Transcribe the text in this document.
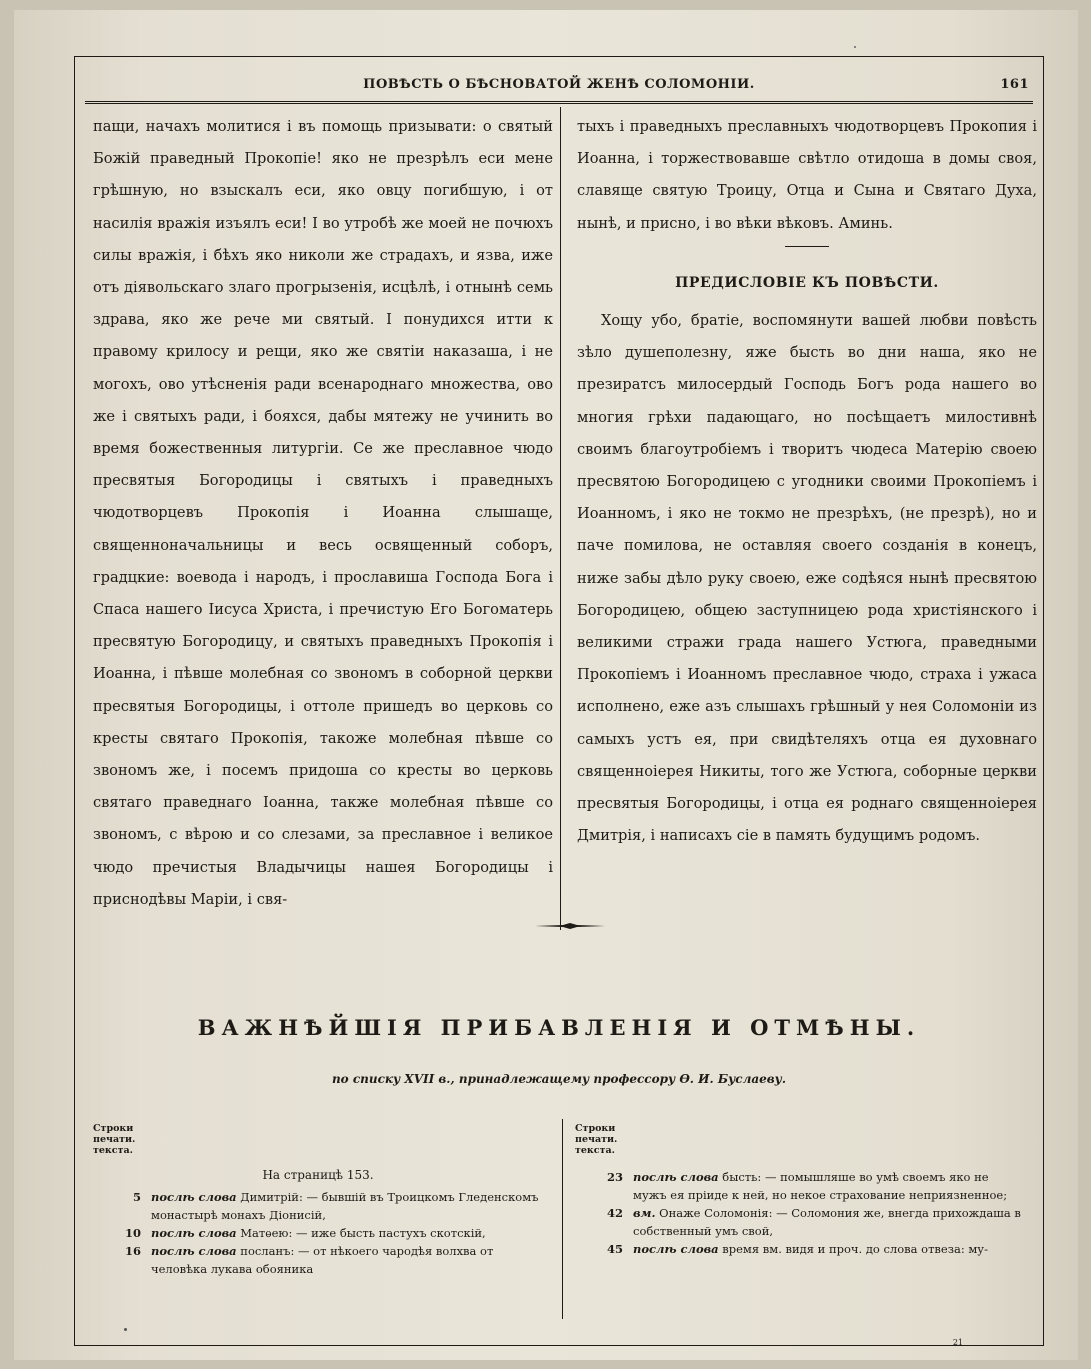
ПОВѢСТЬ О БѢСНОВАТОЙ ЖЕНѢ СОЛОМОНІИ.	161

пащи, начахъ молитися і въ помощь призывати: о святый Божій праведный Прокопіе! яко не презрѣлъ еси мене грѣшную, но взыскалъ еси, яко овцу погибшую, і от насилія вражія изъялъ еси! І во утробѣ же моей не почюхъ силы вражія, і бѣхъ яко николи же страдахъ, и язва, иже отъ діявольскаго злаго прогрызенія, исцѣлѣ, і отнынѣ семь здрава, яко же рече ми святый. І понудихся итти к правому крилосу и рещи, яко же святіи наказаша, і не могохъ, ово утѣсненія ради всенароднаго множества, ово же і святыхъ ради, і бояхся, дабы мятежу не учинить во время божественныя литургіи. Се же преславное чюдо пресвятыя Богородицы і святыхъ і праведныхъ чюдотворцевъ Прокопія і Иоанна слышаще, священноначальницы и весь освященный соборъ, градцкие: воевода і народъ, і прославиша Господа Бога і Спаса нашего Іисуса Христа, і пречистую Его Богоматерь пресвятую Богородицу, и святыхъ праведныхъ Прокопія і Иоанна, і пѣвше молебная со звономъ в соборной церкви пресвятыя Богородицы, і оттоле пришедъ во церковь со кресты святаго Прокопія, такоже молебная пѣвше со звономъ же, і посемъ придоша со кресты во церковь святаго праведнаго Іоанна, также молебная пѣвше со звономъ, с вѣрою и со слезами, за преславное і великое чюдо пречистыя Владычицы нашея Богородицы і приснодѣвы Маріи, і свя-

тыхъ і праведныхъ преславныхъ чюдотворцевъ Прокопия і Иоанна, і торжествовавше свѣтло отидоша в домы своя, славяще святую Троицу, Отца и Сына и Святаго Духа, нынѣ, и присно, і во вѣки вѣковъ. Аминь.

ПРЕДИСЛОВІЕ КЪ ПОВѢСТИ.

Хощу убо, братіе, воспомянути вашей любви повѣсть зѣло душеполезну, яже бысть во дни наша, яко не презиратсъ милосердый Господь Богъ рода нашего во многия грѣхи падающаго, но посѣщаетъ милостивнѣ своимъ благоутробіемъ і творитъ чюдеса Матерію своею пресвятою Богородицею с угодники своими Прокопіемъ і Иоанномъ, і яко не токмо не презрѣхъ, (не презрѣ), но и паче помилова, не оставляя своего созданія в конецъ, ниже забы дѣло руку своею, еже содѣяся нынѣ пресвятою Богородицею, общею заступницею рода христіянского і великими стражи града нашего Устюга, праведными Прокопіемъ і Иоанномъ преславное чюдо, страха і ужаса исполнено, еже азъ слышахъ грѣшный у нея Соломоніи из самыхъ устъ ея, при свидѣтеляхъ отца ея духовнаго священноіерея Никиты, того же Устюга, соборные церкви пресвятыя Богородицы, і отца ея роднаго священноіерея Дмитрія, і написахъ сіе в память будущимъ родомъ.

ВАЖНѢЙШІЯ ПРИБАВЛЕНІЯ И ОТМѢНЫ.
по списку XVII в., принадлежащему профессору Ѳ. И. Буслаеву.
Строки печати. текста.
На страницѣ 153.
5 послѣ слова Димитрій: — бывшій въ Троицкомъ Гледенскомъ монастырѣ монахъ Діонисій,
10 послѣ слова Матѳею: — иже бысть пастухъ скотскій,
16 послѣ слова посланъ: — от нѣкоего чародѣя волхва от человѣка лукава обояника
Строки печати. текста.
23 послѣ слова бысть: — помышляше во умѣ своемъ яко не мужъ ея пріиде к ней, но некое страхование неприязненное;
42 вм. Онаже Соломонія: — Соломония же, внегда прихождаша в собственный умъ свой,
45 послѣ слова время вм. видя и проч. до слова отвеза: му-
21
